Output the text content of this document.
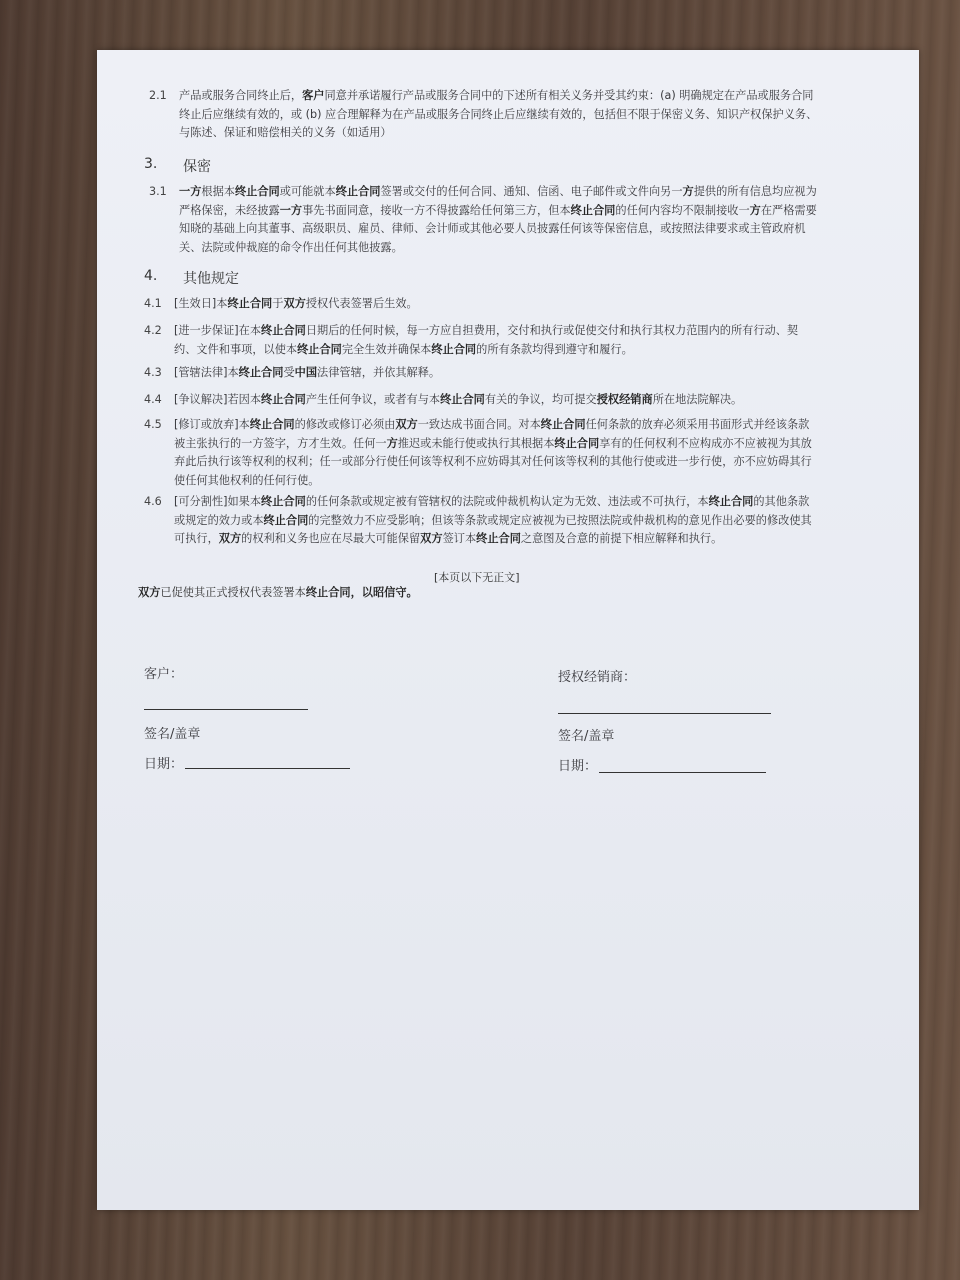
2.1	产品或服务合同终止后，客户同意并承诺履行产品或服务合同中的下述所有相关义务并受其约束：(a) 明确规定在产品或服务合同
终止后应继续有效的，或 (b) 应合理解释为在产品或服务合同终止后应继续有效的，包括但不限于保密义务、知识产权保护义务、
与陈述、保证和赔偿相关的义务（如适用）
3. 保密
3.1	一方根据本终止合同或可能就本终止合同签署或交付的任何合同、通知、信函、电子邮件或文件向另一方提供的所有信息均应视为
严格保密，未经披露一方事先书面同意，接收一方不得披露给任何第三方，但本终止合同的任何内容均不限制接收一方在严格需要
知晓的基础上向其董事、高级职员、雇员、律师、会计师或其他必要人员披露任何该等保密信息，或按照法律要求或主管政府机
关、法院或仲裁庭的命令作出任何其他披露。
4. 其他规定
4.1	[生效日]本终止合同于双方授权代表签署后生效。
4.2	[进一步保证]在本终止合同日期后的任何时候，每一方应自担费用，交付和执行或促使交付和执行其权力范围内的所有行动、契
约、文件和事项，以使本终止合同完全生效并确保本终止合同的所有条款均得到遵守和履行。
4.3	[管辖法律]本终止合同受中国法律管辖，并依其解释。
4.4	[争议解决]若因本终止合同产生任何争议，或者有与本终止合同有关的争议，均可提交授权经销商所在地法院解决。
4.5	[修订或放弃]本终止合同的修改或修订必须由双方一致达成书面合同。对本终止合同任何条款的放弃必须采用书面形式并经该条款
被主张执行的一方签字，方才生效。任何一方推迟或未能行使或执行其根据本终止合同享有的任何权利不应构成亦不应被视为其放
弃此后执行该等权利的权利；任一或部分行使任何该等权利不应妨碍其对任何该等权利的其他行使或进一步行使，亦不应妨碍其行
使任何其他权利的任何行使。
4.6	[可分割性]如果本终止合同的任何条款或规定被有管辖权的法院或仲裁机构认定为无效、违法或不可执行，本终止合同的其他条款
或规定的效力或本终止合同的完整效力不应受影响；但该等条款或规定应被视为已按照法院或仲裁机构的意见作出必要的修改使其
可执行，双方的权利和义务也应在尽最大可能保留双方签订本终止合同之意图及合意的前提下相应解释和执行。
[本页以下无正文]
双方已促使其正式授权代表签署本终止合同，以昭信守。
客户：
签名/盖章
日期：
授权经销商：
签名/盖章
日期：
